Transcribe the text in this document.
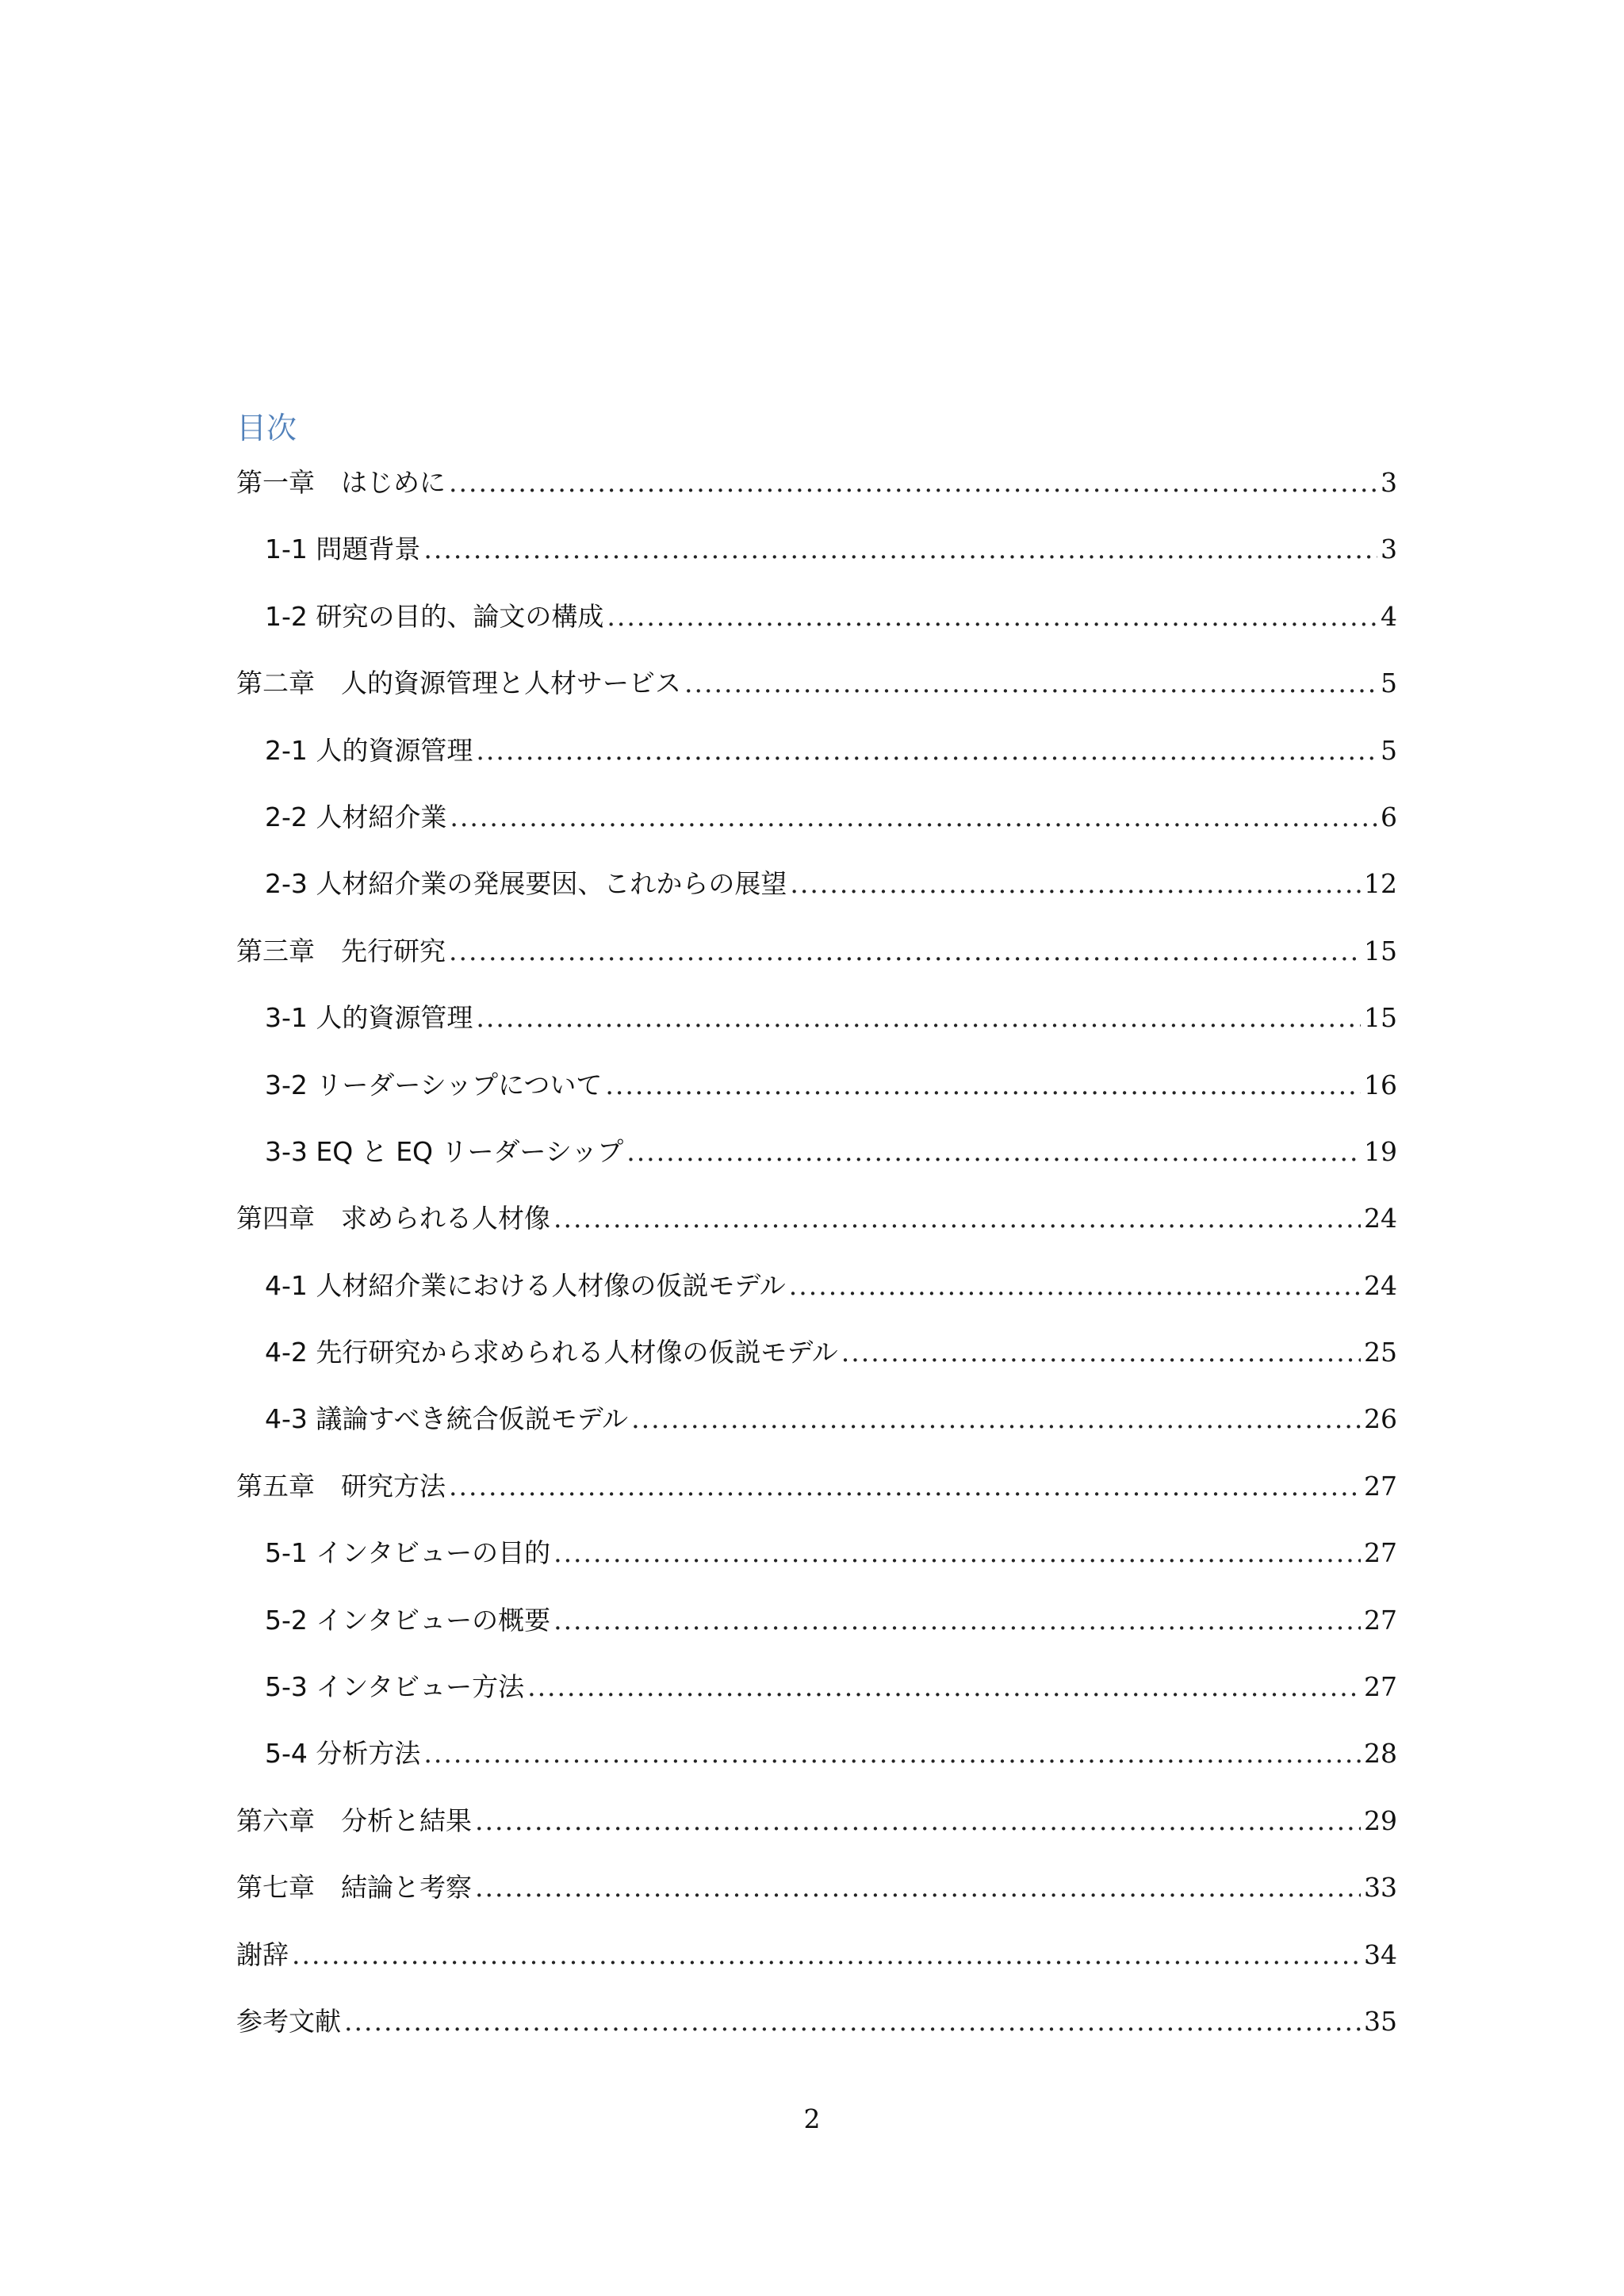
目次
第一章　はじめに .....	3
1-1 問題背景 .....	3
1-2 研究の目的、論文の構成 .....	4
第二章　人的資源管理と人材サービス .....	5
2-1 人的資源管理 .....	5
2-2 人材紹介業 .....	6
2-3 人材紹介業の発展要因、これからの展望 .....	12
第三章　先行研究 .....	15
3-1 人的資源管理 .....	15
3-2 リーダーシップについて .....	16
3-3 EQ と EQ リーダーシップ .....	19
第四章　求められる人材像 .....	24
4-1 人材紹介業における人材像の仮説モデル .....	24
4-2 先行研究から求められる人材像の仮説モデル .....	25
4-3 議論すべき統合仮説モデル .....	26
第五章　研究方法 .....	27
5-1 インタビューの目的 .....	27
5-2 インタビューの概要 .....	27
5-3 インタビュー方法 .....	27
5-4 分析方法 .....	28
第六章　分析と結果 .....	29
第七章　結論と考察 .....	33
謝辞 .....	34
参考文献 .....	35
2
